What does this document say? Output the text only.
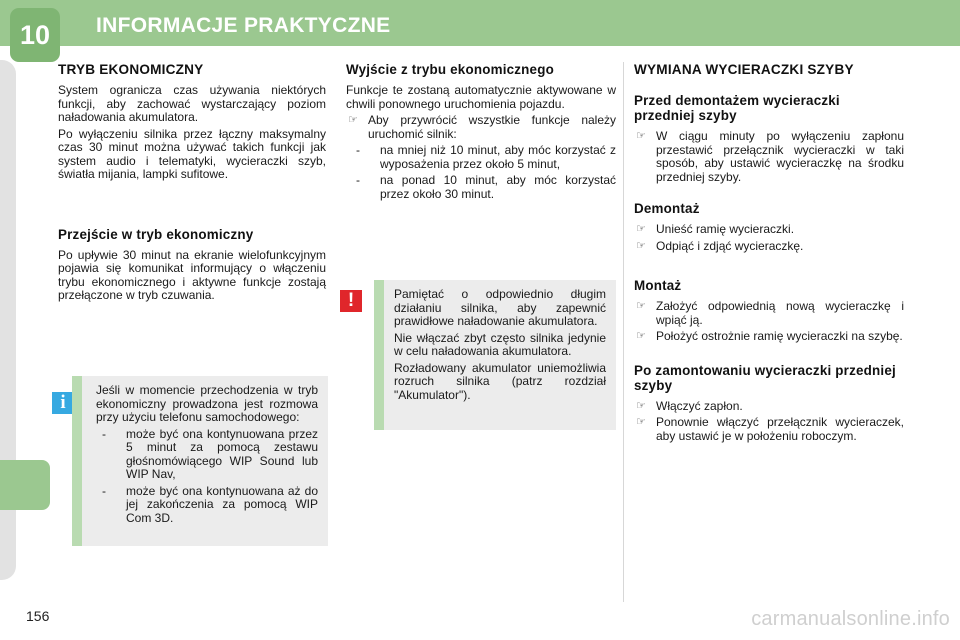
10	INFORMACJE PRAKTYCZNE
TRYB EKONOMICZNY

System ogranicza czas używania niektórych funkcji, aby zachować wystarczający poziom naładowania akumulatora.

Po wyłączeniu silnika przez łączny maksymalny czas 30 minut można używać takich funkcji jak system audio i telematyki, wycieraczki szyb, światła mijania, lampki sufitowe.

Przejście w tryb ekonomiczny

Po upływie 30 minut na ekranie wielofunkcyjnym pojawia się komunikat informujący o włączeniu trybu ekonomicznego i aktywne funkcje zostają przełączone w tryb czuwania.

i

Jeśli w momencie przechodzenia w tryb ekonomiczny prowadzona jest rozmowa przy użyciu telefonu samochodowego:

- może być ona kontynuowana przez 5 minut za pomocą zestawu głośnomówiącego WIP Sound lub WIP Nav,
- może być ona kontynuowana aż do jej zakończenia za pomocą WIP Com 3D.
Wyjście z trybu ekonomicznego

Funkcje te zostaną automatycznie aktywowane w chwili ponownego uruchomienia pojazdu.

☞ Aby przywrócić wszystkie funkcje należy uruchomić silnik:
- na mniej niż 10 minut, aby móc korzystać z wyposażenia przez około 5 minut,
- na ponad 10 minut, aby móc korzystać przez około 30 minut.
!	Pamiętać o odpowiednio długim działaniu silnika, aby zapewnić prawidłowe naładowanie akumulatora.

Nie włączać zbyt często silnika jedynie w celu naładowania akumulatora.

Rozładowany akumulator uniemożliwia rozruch silnika (patrz rozdział "Akumulator").

WYMIANA WYCIERACZKI SZYBY
Przed demontażem wycieraczki przedniej szyby
☞ W ciągu minuty po wyłączeniu zapłonu przestawić przełącznik wycieraczki w taki sposób, aby ustawić wycieraczkę na środku przedniej szyby.
Demontaż
☞ Unieść ramię wycieraczki.
☞ Odpiąć i zdjąć wycieraczkę.
Montaż
☞ Założyć odpowiednią nową wycieraczkę i wpiąć ją.
☞ Położyć ostrożnie ramię wycieraczki na szybę.
Po zamontowaniu wycieraczki przedniej szyby
☞ Włączyć zapłon.
☞ Ponownie włączyć przełącznik wycieraczek, aby ustawić je w położeniu roboczym.
156	carmanualsonline.info
